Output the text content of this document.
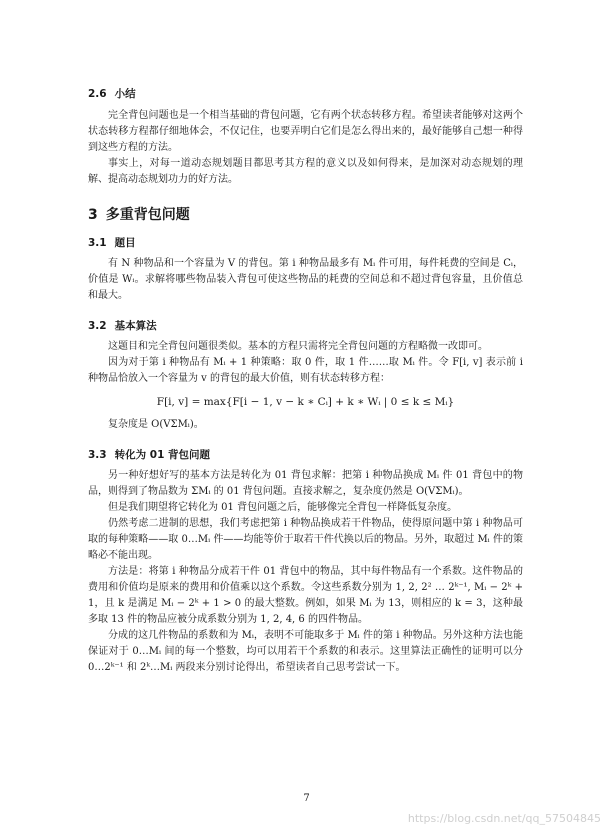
2.6 小结

完全背包问题也是一个相当基础的背包问题，它有两个状态转移方程。希望读者能够对这两个状态转移方程都仔细地体会，不仅记住，也要弄明白它们是怎么得出来的，最好能够自己想一种得到这些方程的方法。

事实上，对每一道动态规划题目都思考其方程的意义以及如何得来，是加深对动态规划的理解、提高动态规划功力的好方法。

3 多重背包问题
3.1 题目

有 N 种物品和一个容量为 V 的背包。第 i 种物品最多有 Mᵢ 件可用，每件耗费的空间是 Cᵢ，价值是 Wᵢ。求解将哪些物品装入背包可使这些物品的耗费的空间总和不超过背包容量，且价值总和最大。

3.2 基本算法

这题目和完全背包问题很类似。基本的方程只需将完全背包问题的方程略微一改即可。

因为对于第 i 种物品有 Mᵢ + 1 种策略：取 0 件，取 1 件……取 Mᵢ 件。令 F[i, v] 表示前 i 种物品恰放入一个容量为 v 的背包的最大价值，则有状态转移方程：

F[i, v] = max{F[i − 1, v − k ∗ Cᵢ] + k ∗ Wᵢ | 0 ≤ k ≤ Mᵢ}

复杂度是 O(VΣMᵢ)。

3.3 转化为 01 背包问题

另一种好想好写的基本方法是转化为 01 背包求解：把第 i 种物品换成 Mᵢ 件 01 背包中的物品，则得到了物品数为 ΣMᵢ 的 01 背包问题。直接求解之，复杂度仍然是 O(VΣMᵢ)。

但是我们期望将它转化为 01 背包问题之后，能够像完全背包一样降低复杂度。

仍然考虑二进制的思想，我们考虑把第 i 种物品换成若干件物品，使得原问题中第 i 种物品可取的每种策略——取 0…Mᵢ 件——均能等价于取若干件代换以后的物品。另外，取超过 Mᵢ 件的策略必不能出现。

方法是：将第 i 种物品分成若干件 01 背包中的物品，其中每件物品有一个系数。这件物品的费用和价值均是原来的费用和价值乘以这个系数。令这些系数分别为 1, 2, 2² … 2ᵏ⁻¹, Mᵢ − 2ᵏ + 1，且 k 是满足 Mᵢ − 2ᵏ + 1 > 0 的最大整数。例如，如果 Mᵢ 为 13，则相应的 k = 3，这种最多取 13 件的物品应被分成系数分别为 1, 2, 4, 6 的四件物品。

分成的这几件物品的系数和为 Mᵢ，表明不可能取多于 Mᵢ 件的第 i 种物品。另外这种方法也能保证对于 0…Mᵢ 间的每一个整数，均可以用若干个系数的和表示。这里算法正确性的证明可以分 0…2ᵏ⁻¹ 和 2ᵏ…Mᵢ 两段来分别讨论得出，希望读者自己思考尝试一下。

7
https://blog.csdn.net/qq_57504845
